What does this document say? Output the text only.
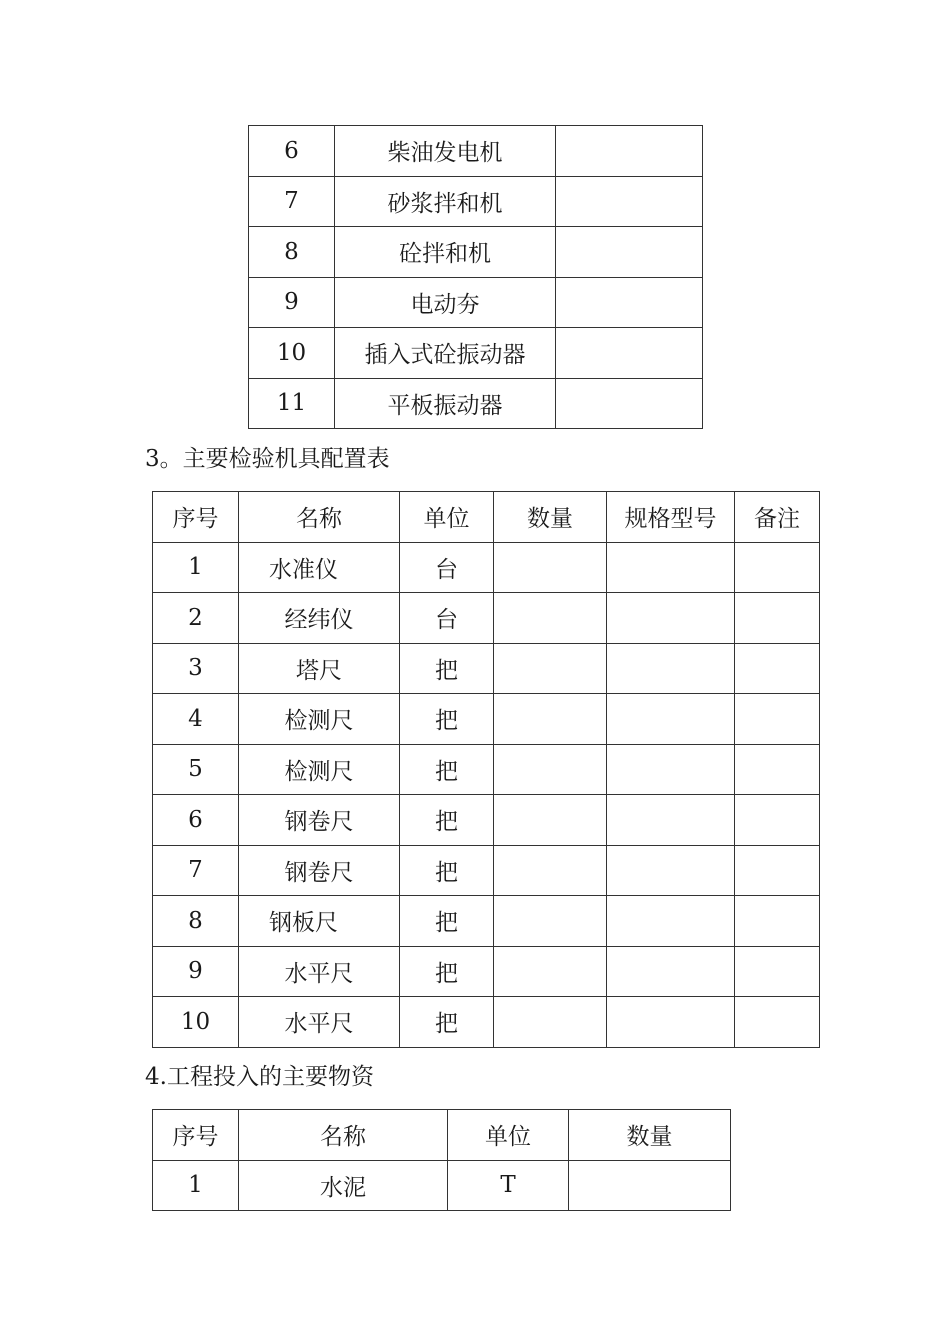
6	柴油发电机	
7	砂浆拌和机	
8	砼拌和机	
9	电动夯	
10	插入式砼振动器	
11	平板振动器	

3。主要检验机具配置表

序号	名称	单位	数量	规格型号	备注
1	水准仪	台			
2	经纬仪	台			
3	塔尺	把			
4	检测尺	把			
5	检测尺	把			
6	钢卷尺	把			
7	钢卷尺	把			
8	钢板尺	把			
9	水平尺	把			
10	水平尺	把			

4.工程投入的主要物资

序号	名称	单位	数量
1	水泥	T	
